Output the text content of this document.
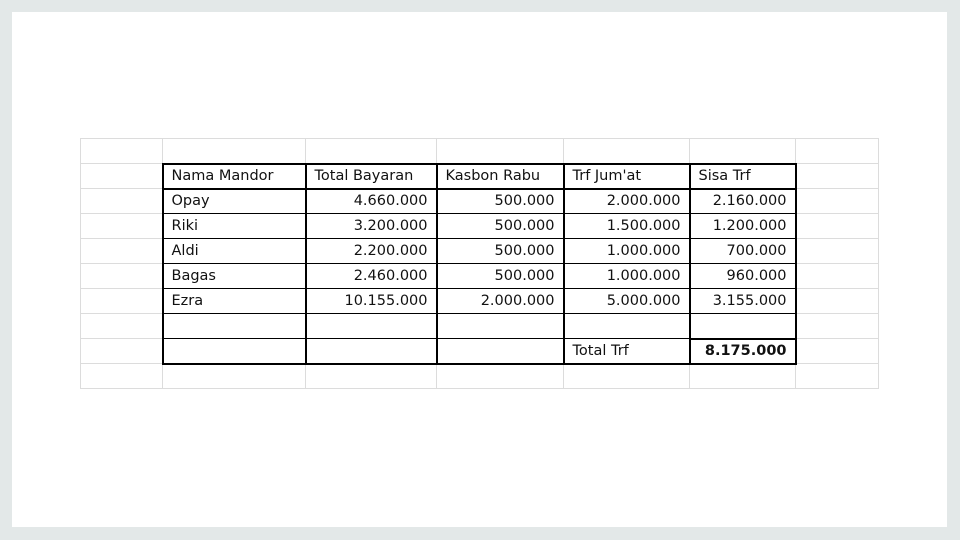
	Nama Mandor	Total Bayaran	Kasbon Rabu	Trf Jum'at	Sisa Trf	
	Opay	4.660.000	500.000	2.000.000	2.160.000	
	Riki	3.200.000	500.000	1.500.000	1.200.000	
	Aldi	2.200.000	500.000	1.000.000	700.000	
	Bagas	2.460.000	500.000	1.000.000	960.000	
	Ezra	10.155.000	2.000.000	5.000.000	3.155.000	

				Total Trf	8.175.000	
